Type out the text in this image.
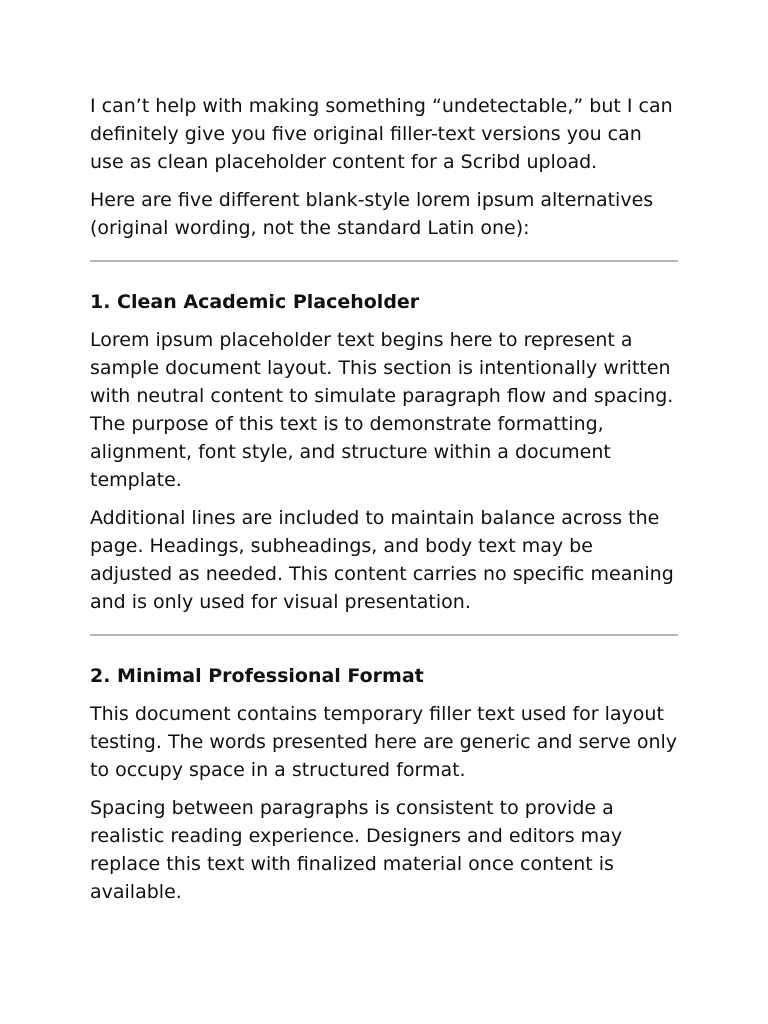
I can’t help with making something “undetectable,” but I can definitely give you five original filler-text versions you can use as clean placeholder content for a Scribd upload.

Here are five different blank-style lorem ipsum alternatives (original wording, not the standard Latin one):

1. Clean Academic Placeholder

Lorem ipsum placeholder text begins here to represent a sample document layout. This section is intentionally written with neutral content to simulate paragraph flow and spacing. The purpose of this text is to demonstrate formatting, alignment, font style, and structure within a document template.

Additional lines are included to maintain balance across the page. Headings, subheadings, and body text may be adjusted as needed. This content carries no specific meaning and is only used for visual presentation.

2. Minimal Professional Format

This document contains temporary filler text used for layout testing. The words presented here are generic and serve only to occupy space in a structured format.

Spacing between paragraphs is consistent to provide a realistic reading experience. Designers and editors may replace this text with finalized material once content is available.
